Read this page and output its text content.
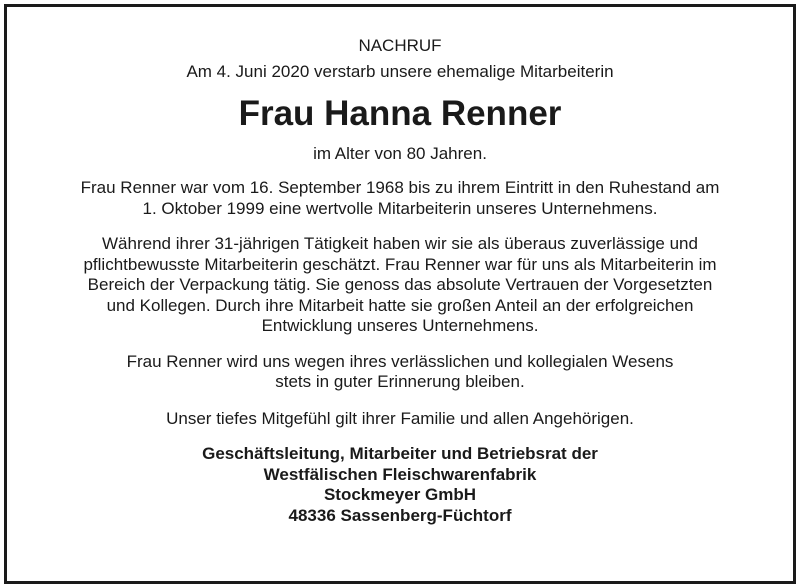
NACHRUF
Am 4. Juni 2020 verstarb unsere ehemalige Mitarbeiterin
Frau Hanna Renner
im Alter von 80 Jahren.
Frau Renner war vom 16. September 1968 bis zu ihrem Eintritt in den Ruhestand am
1. Oktober 1999 eine wertvolle Mitarbeiterin unseres Unternehmens.
Während ihrer 31-jährigen Tätigkeit haben wir sie als überaus zuverlässige und
pflichtbewusste Mitarbeiterin geschätzt. Frau Renner war für uns als Mitarbeiterin im
Bereich der Verpackung tätig. Sie genoss das absolute Vertrauen der Vorgesetzten
und Kollegen. Durch ihre Mitarbeit hatte sie großen Anteil an der erfolgreichen
Entwicklung unseres Unternehmens.
Frau Renner wird uns wegen ihres verlässlichen und kollegialen Wesens
stets in guter Erinnerung bleiben.
Unser tiefes Mitgefühl gilt ihrer Familie und allen Angehörigen.
Geschäftsleitung, Mitarbeiter und Betriebsrat der
Westfälischen Fleischwarenfabrik
Stockmeyer GmbH
48336 Sassenberg-Füchtorf
